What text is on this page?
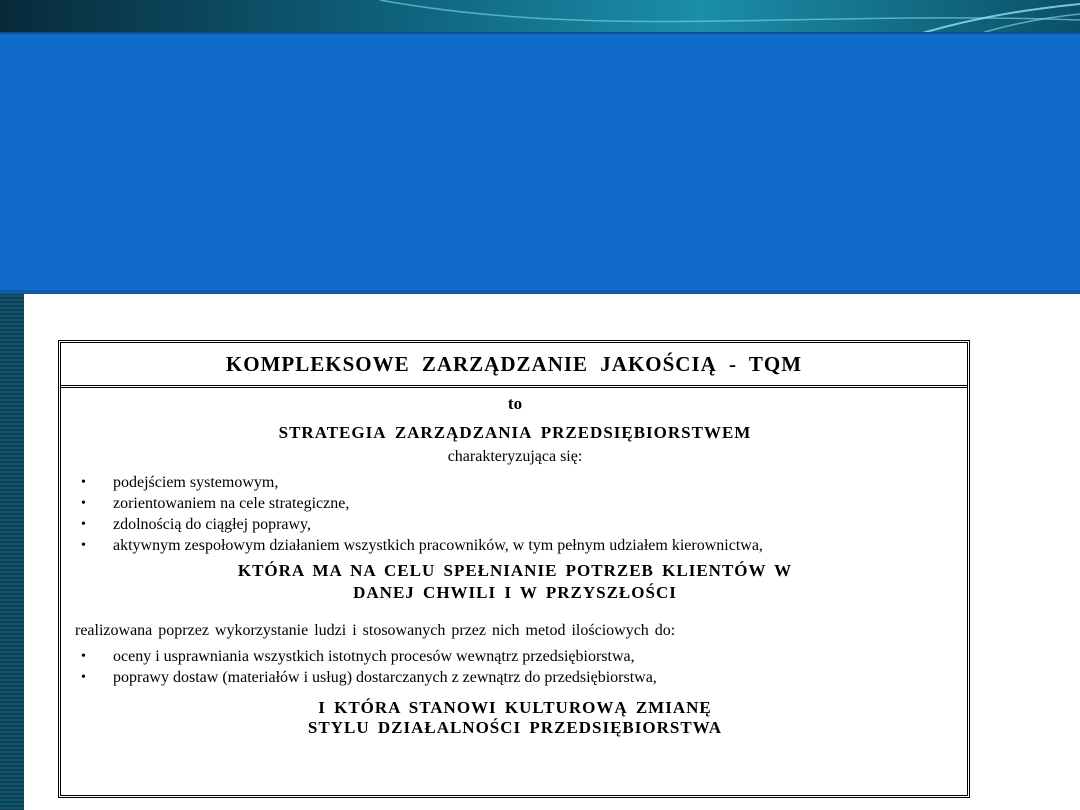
KOMPLEKSOWE ZARZĄDZANIE JAKOŚCIĄ - TQM
to
STRATEGIA ZARZĄDZANIA PRZEDSIĘBIORSTWEM
charakteryzująca się:
• podejściem systemowym,
• zorientowaniem na cele strategiczne,
• zdolnością do ciągłej poprawy,
• aktywnym zespołowym działaniem wszystkich pracowników, w tym pełnym udziałem kierownictwa,
KTÓRA MA NA CELU SPEŁNIANIE POTRZEB KLIENTÓW W
DANEJ CHWILI I W PRZYSZŁOŚCI
realizowana poprzez wykorzystanie ludzi i stosowanych przez nich metod ilościowych do:
• oceny i usprawniania wszystkich istotnych procesów wewnątrz przedsiębiorstwa,
• poprawy dostaw (materiałów i usług) dostarczanych z zewnątrz do przedsiębiorstwa,
I KTÓRA STANOWI KULTUROWĄ ZMIANĘ
STYLU DZIAŁALNOŚCI PRZEDSIĘBIORSTWA
